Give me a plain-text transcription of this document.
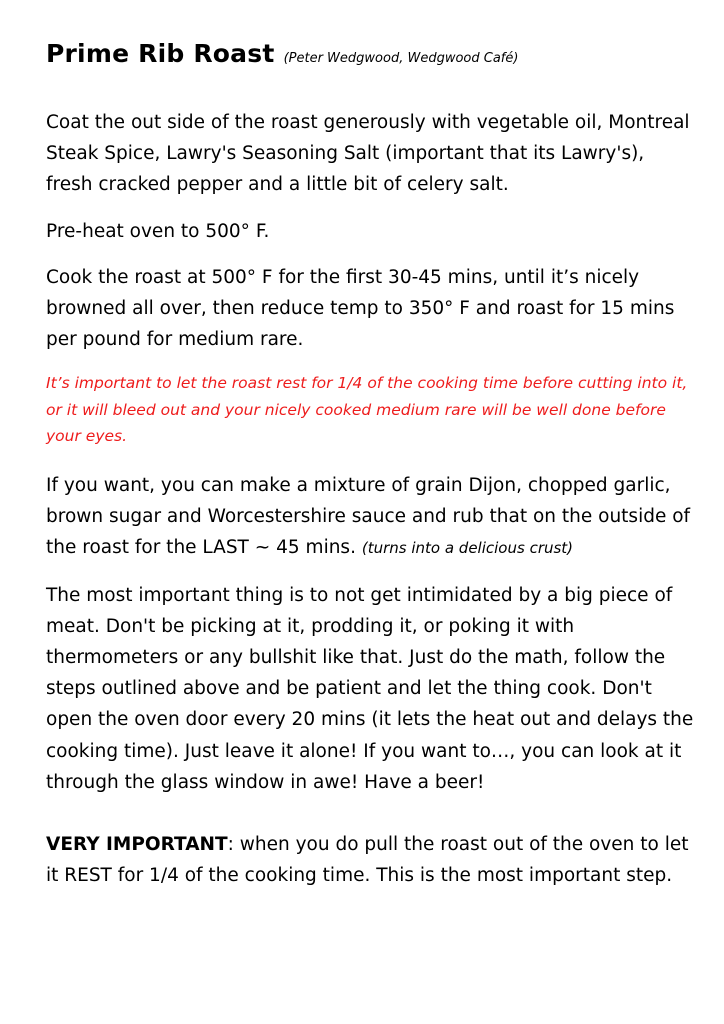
Prime Rib Roast (Peter Wedgwood, Wedgwood Café)

Coat the out side of the roast generously with vegetable oil, Montreal Steak Spice, Lawry's Seasoning Salt (important that its Lawry's), fresh cracked pepper and a little bit of celery salt.

Pre-heat oven to 500° F.

Cook the roast at 500° F for the first 30-45 mins, until it’s nicely browned all over, then reduce temp to 350° F and roast for 15 mins per pound for medium rare.

It’s important to let the roast rest for 1/4 of the cooking time before cutting into it, or it will bleed out and your nicely cooked medium rare will be well done before your eyes.

If you want, you can make a mixture of grain Dijon, chopped garlic, brown sugar and Worcestershire sauce and rub that on the outside of the roast for the LAST ~ 45 mins. (turns into a delicious crust)

The most important thing is to not get intimidated by a big piece of meat. Don't be picking at it, prodding it, or poking it with thermometers or any bullshit like that. Just do the math, follow the steps outlined above and be patient and let the thing cook. Don't open the oven door every 20 mins (it lets the heat out and delays the cooking time). Just leave it alone! If you want to…, you can look at it through the glass window in awe! Have a beer!

VERY IMPORTANT: when you do pull the roast out of the oven to let it REST for 1/4 of the cooking time. This is the most important step.
